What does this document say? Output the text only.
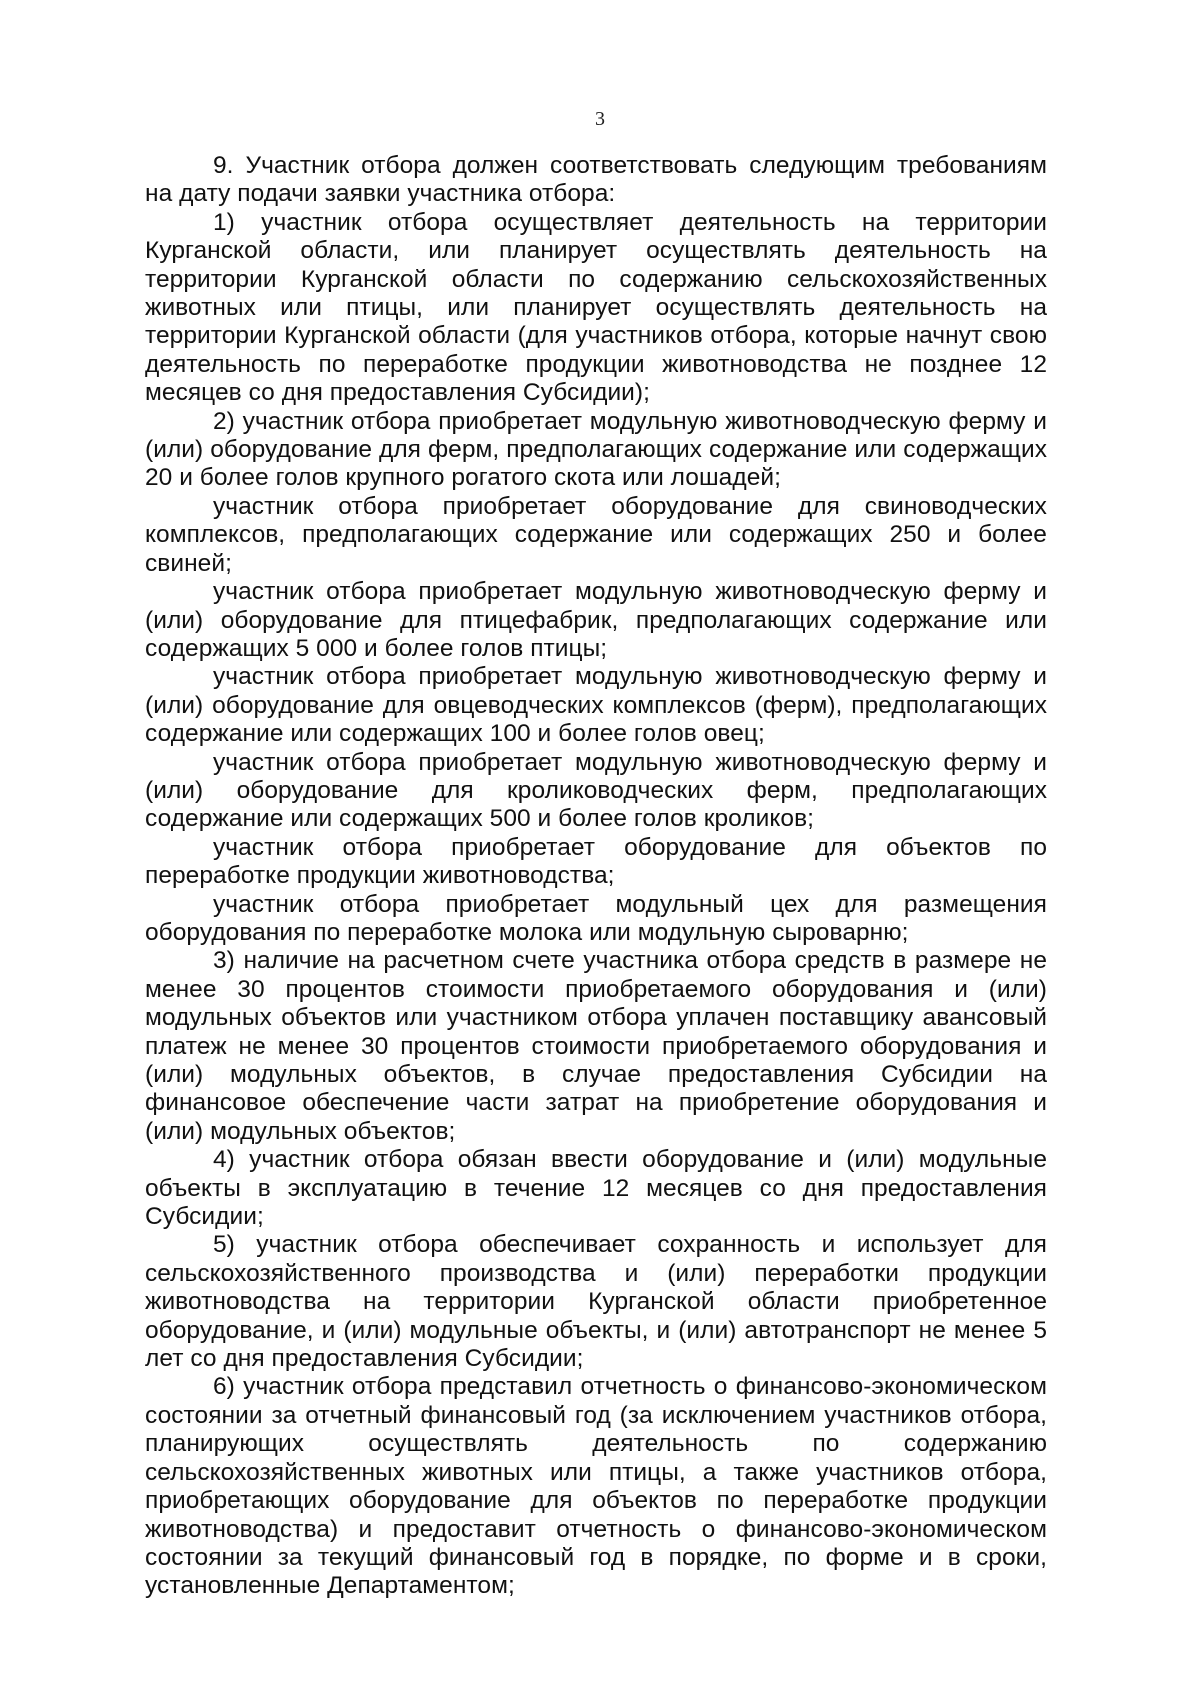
3

9. Участник отбора должен соответствовать следующим требованиям на дату подачи заявки участника отбора:

1) участник отбора осуществляет деятельность на территории Курганской области, или планирует осуществлять деятельность на территории Курганской области по содержанию сельскохозяйственных животных или птицы, или планирует осуществлять деятельность на территории Курганской области (для участников отбора, которые начнут свою деятельность по переработке продукции животноводства не позднее 12 месяцев со дня предоставления Субсидии);

2) участник отбора приобретает модульную животноводческую ферму и (или) оборудование для ферм, предполагающих содержание или содержащих 20 и более голов крупного рогатого скота или лошадей;

участник отбора приобретает оборудование для свиноводческих комплексов, предполагающих содержание или содержащих 250 и более свиней;

участник отбора приобретает модульную животноводческую ферму и (или) оборудование для птицефабрик, предполагающих содержание или содержащих 5 000 и более голов птицы;

участник отбора приобретает модульную животноводческую ферму и (или) оборудование для овцеводческих комплексов (ферм), предполагающих содержание или содержащих 100 и более голов овец;

участник отбора приобретает модульную животноводческую ферму и (или) оборудование для кролиководческих ферм, предполагающих содержание или содержащих 500 и более голов кроликов;

участник отбора приобретает оборудование для объектов по переработке продукции животноводства;

участник отбора приобретает модульный цех для размещения оборудования по переработке молока или модульную сыроварню;

3) наличие на расчетном счете участника отбора средств в размере не менее 30 процентов стоимости приобретаемого оборудования и (или) модульных объектов или участником отбора уплачен поставщику авансовый платеж не менее 30 процентов стоимости приобретаемого оборудования и (или) модульных объектов, в случае предоставления Субсидии на финансовое обеспечение части затрат на приобретение оборудования и (или) модульных объектов;

4) участник отбора обязан ввести оборудование и (или) модульные объекты в эксплуатацию в течение 12 месяцев со дня предоставления Субсидии;

5) участник отбора обеспечивает сохранность и использует для сельскохозяйственного производства и (или) переработки продукции животноводства на территории Курганской области приобретенное оборудование, и (или) модульные объекты, и (или) автотранспорт не менее 5 лет со дня предоставления Субсидии;

6) участник отбора представил отчетность о финансово-экономическом состоянии за отчетный финансовый год (за исключением участников отбора, планирующих осуществлять деятельность по содержанию сельскохозяйственных животных или птицы, а также участников отбора, приобретающих оборудование для объектов по переработке продукции животноводства) и предоставит отчетность о финансово-экономическом состоянии за текущий финансовый год в порядке, по форме и в сроки, установленные Департаментом;
